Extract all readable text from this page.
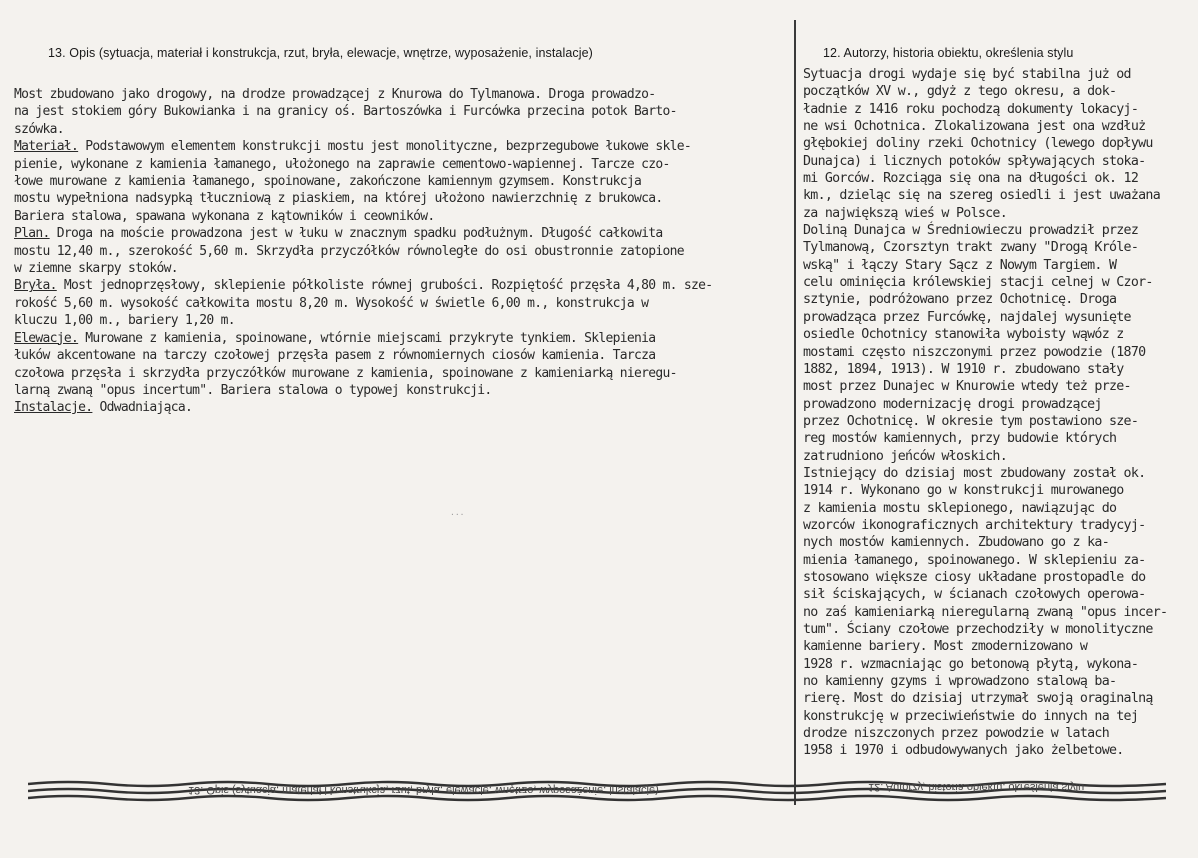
13. Opis (sytuacja, materiał i konstrukcja, rzut, bryła, elewacje, wnętrze, wyposażenie, instalacje)
Most zbudowano jako drogowy, na drodze prowadzącej z Knurowa do Tylmanowa. Droga prowadzo-
na jest stokiem góry Bukowianka i na granicy oś. Bartoszówka i Furcówka przecina potok Barto-
szówka.
Materiał. Podstawowym elementem konstrukcji mostu jest monolityczne, bezprzegubowe łukowe skle-
pienie, wykonane z kamienia łamanego, ułożonego na zaprawie cementowo-wapiennej. Tarcze czo-
łowe murowane z kamienia łamanego, spoinowane, zakończone kamiennym gzymsem. Konstrukcja
mostu wypełniona nadsypką tłuczniową z piaskiem, na której ułożono nawierzchnię z brukowca.
Bariera stalowa, spawana wykonana z kątowników i ceowników.
Plan. Droga na moście prowadzona jest w łuku w znacznym spadku podłużnym. Długość całkowita
mostu 12,40 m., szerokość 5,60 m. Skrzydła przyczółków równoległe do osi obustronnie zatopione
w ziemne skarpy stoków.
Bryła. Most jednoprzęsłowy, sklepienie półkoliste równej grubości. Rozpiętość przęsła 4,80 m. sze-
rokość 5,60 m. wysokość całkowita mostu 8,20 m. Wysokość w świetle 6,00 m., konstrukcja w
kluczu 1,00 m., bariery 1,20 m.
Elewacje. Murowane z kamienia, spoinowane, wtórnie miejscami przykryte tynkiem. Sklepienia
łuków akcentowane na tarczy czołowej przęsła pasem z równomiernych ciosów kamienia. Tarcza
czołowa przęsła i skrzydła przyczółków murowane z kamienia, spoinowane z kamieniarką nieregu-
larną zwaną "opus incertum". Bariera stalowa o typowej konstrukcji.
Instalacje. Odwadniająca.
12. Autorzy, historia obiektu, określenia stylu
Sytuacja drogi wydaje się być stabilna już od
początków XV w., gdyż z tego okresu, a dok-
ładnie z 1416 roku pochodzą dokumenty lokacyj-
ne wsi Ochotnica. Zlokalizowana jest ona wzdłuż
głębokiej doliny rzeki Ochotnicy (lewego dopływu
Dunajca) i licznych potoków spływających stoka-
mi Gorców. Rozciąga się ona na długości ok. 12
km., dzieląc się na szereg osiedli i jest uważana
za największą wieś w Polsce.
Doliną Dunajca w Średniowieczu prowadził przez
Tylmanową, Czorsztyn trakt zwany "Drogą Króle-
wską" i łączy Stary Sącz z Nowym Targiem. W
celu ominięcia królewskiej stacji celnej w Czor-
sztynie, podróżowano przez Ochotnicę. Droga
prowadząca przez Furcówkę, najdalej wysunięte
osiedle Ochotnicy stanowiła wyboisty wąwóz z
mostami często niszczonymi przez powodzie (1870
1882, 1894, 1913). W 1910 r. zbudowano stały
most przez Dunajec w Knurowie wtedy też prze-
prowadzono modernizację drogi prowadzącej
przez Ochotnicę. W okresie tym postawiono sze-
reg mostów kamiennych, przy budowie których
zatrudniono jeńców włoskich.
Istniejący do dzisiaj most zbudowany został ok.
1914 r. Wykonano go w konstrukcji murowanego
z kamienia mostu sklepionego, nawiązując do
wzorców ikonograficznych architektury tradycyj-
nych mostów kamiennych. Zbudowano go z ka-
mienia łamanego, spoinowanego. W sklepieniu za-
stosowano większe ciosy układane prostopadle do
sił ściskających, w ścianach czołowych operowa-
no zaś kamieniarką nieregularną zwaną "opus incer-
tum". Ściany czołowe przechodziły w monolityczne
kamienne bariery. Most zmodernizowano w
1928 r. wzmacniając go betonową płytą, wykona-
no kamienny gzyms i wprowadzono stalową ba-
rierę. Most do dzisiaj utrzymał swoją oraginalną
konstrukcję w przeciwieństwie do innych na tej
drodze niszczonych przez powodzie w latach
1958 i 1970 i odbudowywanych jako żelbetowe.
···
13. Opis (sytuacja, materiał i konstrukcja, rzut, bryła, elewacje, wnętrze, wyposażenie, instalacje)	12. Autorzy, historia obiektu, określenia stylu
